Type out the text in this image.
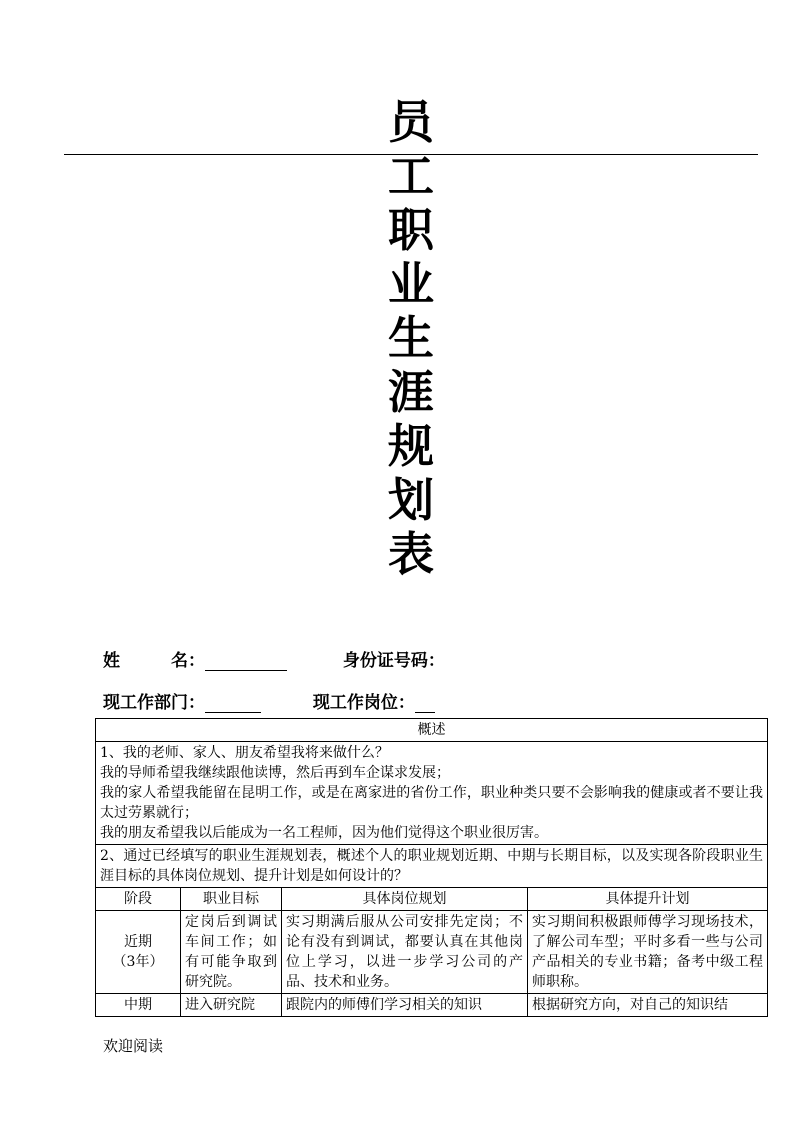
员
工
职
业
生
涯
规
划
表
姓　　　名：	身份证号码：
现工作部门：	现工作岗位：
概述			

1、我的老师、家人、朋友希望我将来做什么？
我的导师希望我继续跟他读博，然后再到车企谋求发展；
我的家人希望我能留在昆明工作，或是在离家进的省份工作，职业种类只要不会影响我的健康或者不要让我太过劳累就行；
我的朋友希望我以后能成为一名工程师，因为他们觉得这个职业很厉害。			

2、通过已经填写的职业生涯规划表，概述个人的职业规划近期、中期与长期目标，以及实现各阶段职业生涯目标的具体岗位规划、提升计划是如何设计的？			
阶段	职业目标	具体岗位规划	具体提升计划

近期
（3年）	定岗后到调试车间工作；如有可能争取到研究院。	实习期满后服从公司安排先定岗；不论有没有到调试，都要认真在其他岗位上学习，以进一步学习公司的产品、技术和业务。	实习期间积极跟师傅学习现场技术，了解公司车型；平时多看一些与公司产品相关的专业书籍；备考中级工程师职称。
中期	进入研究院	跟院内的师傅们学习相关的知识	根据研究方向，对自己的知识结
欢迎阅读
